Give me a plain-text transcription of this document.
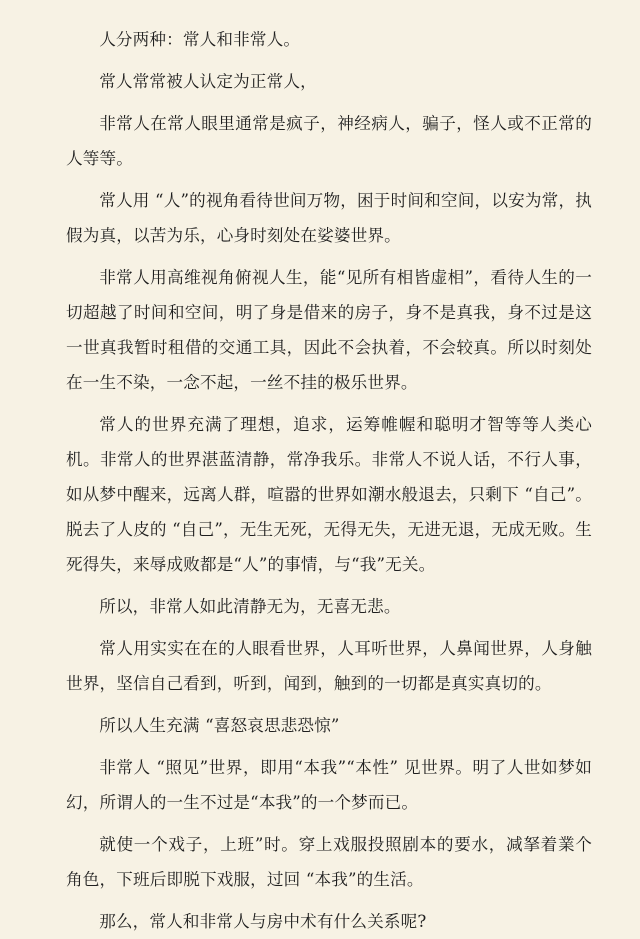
人分两种：常人和非常人。

常人常常被人认定为正常人，

非常人在常人眼里通常是疯子，神经病人，骗子，怪人或不正常的人等等。

常人用 “人”的视角看待世间万物，困于时间和空间，以安为常，执假为真，以苦为乐，心身时刻处在娑婆世界。

非常人用高维视角俯视人生，能“见所有相皆虚相”，看待人生的一切超越了时间和空间，明了身是借来的房子，身不是真我，身不过是这一世真我暂时租借的交通工具，因此不会执着，不会较真。所以时刻处在一生不染，一念不起，一丝不挂的极乐世界。

常人的世界充满了理想，追求，运筹帷幄和聪明才智等等人类心机。非常人的世界湛蓝清静，常净我乐。非常人不说人话，不行人事，如从梦中醒来，远离人群，喧嚣的世界如潮水般退去，只剩下 “自己”。脱去了人皮的 “自己”，无生无死，无得无失，无进无退，无成无败。生死得失，来辱成败都是“人”的事情，与“我”无关。

所以，非常人如此清静无为，无喜无悲。

常人用实实在在的人眼看世界，人耳听世界，人鼻闻世界，人身触世界，坚信自己看到，听到，闻到，触到的一切都是真实真切的。

所以人生充满 “喜怒哀思悲恐惊”

非常人 “照见”世界，即用“本我”“本性” 见世界。明了人世如梦如幻，所谓人的一生不过是“本我”的一个梦而已。

就使一个戏子，上班”时。穿上戏服投照剧本的要水，减拏着業个角色，下班后即脱下戏服，过回 “本我”的生活。

那么，常人和非常人与房中术有什么关系呢?
